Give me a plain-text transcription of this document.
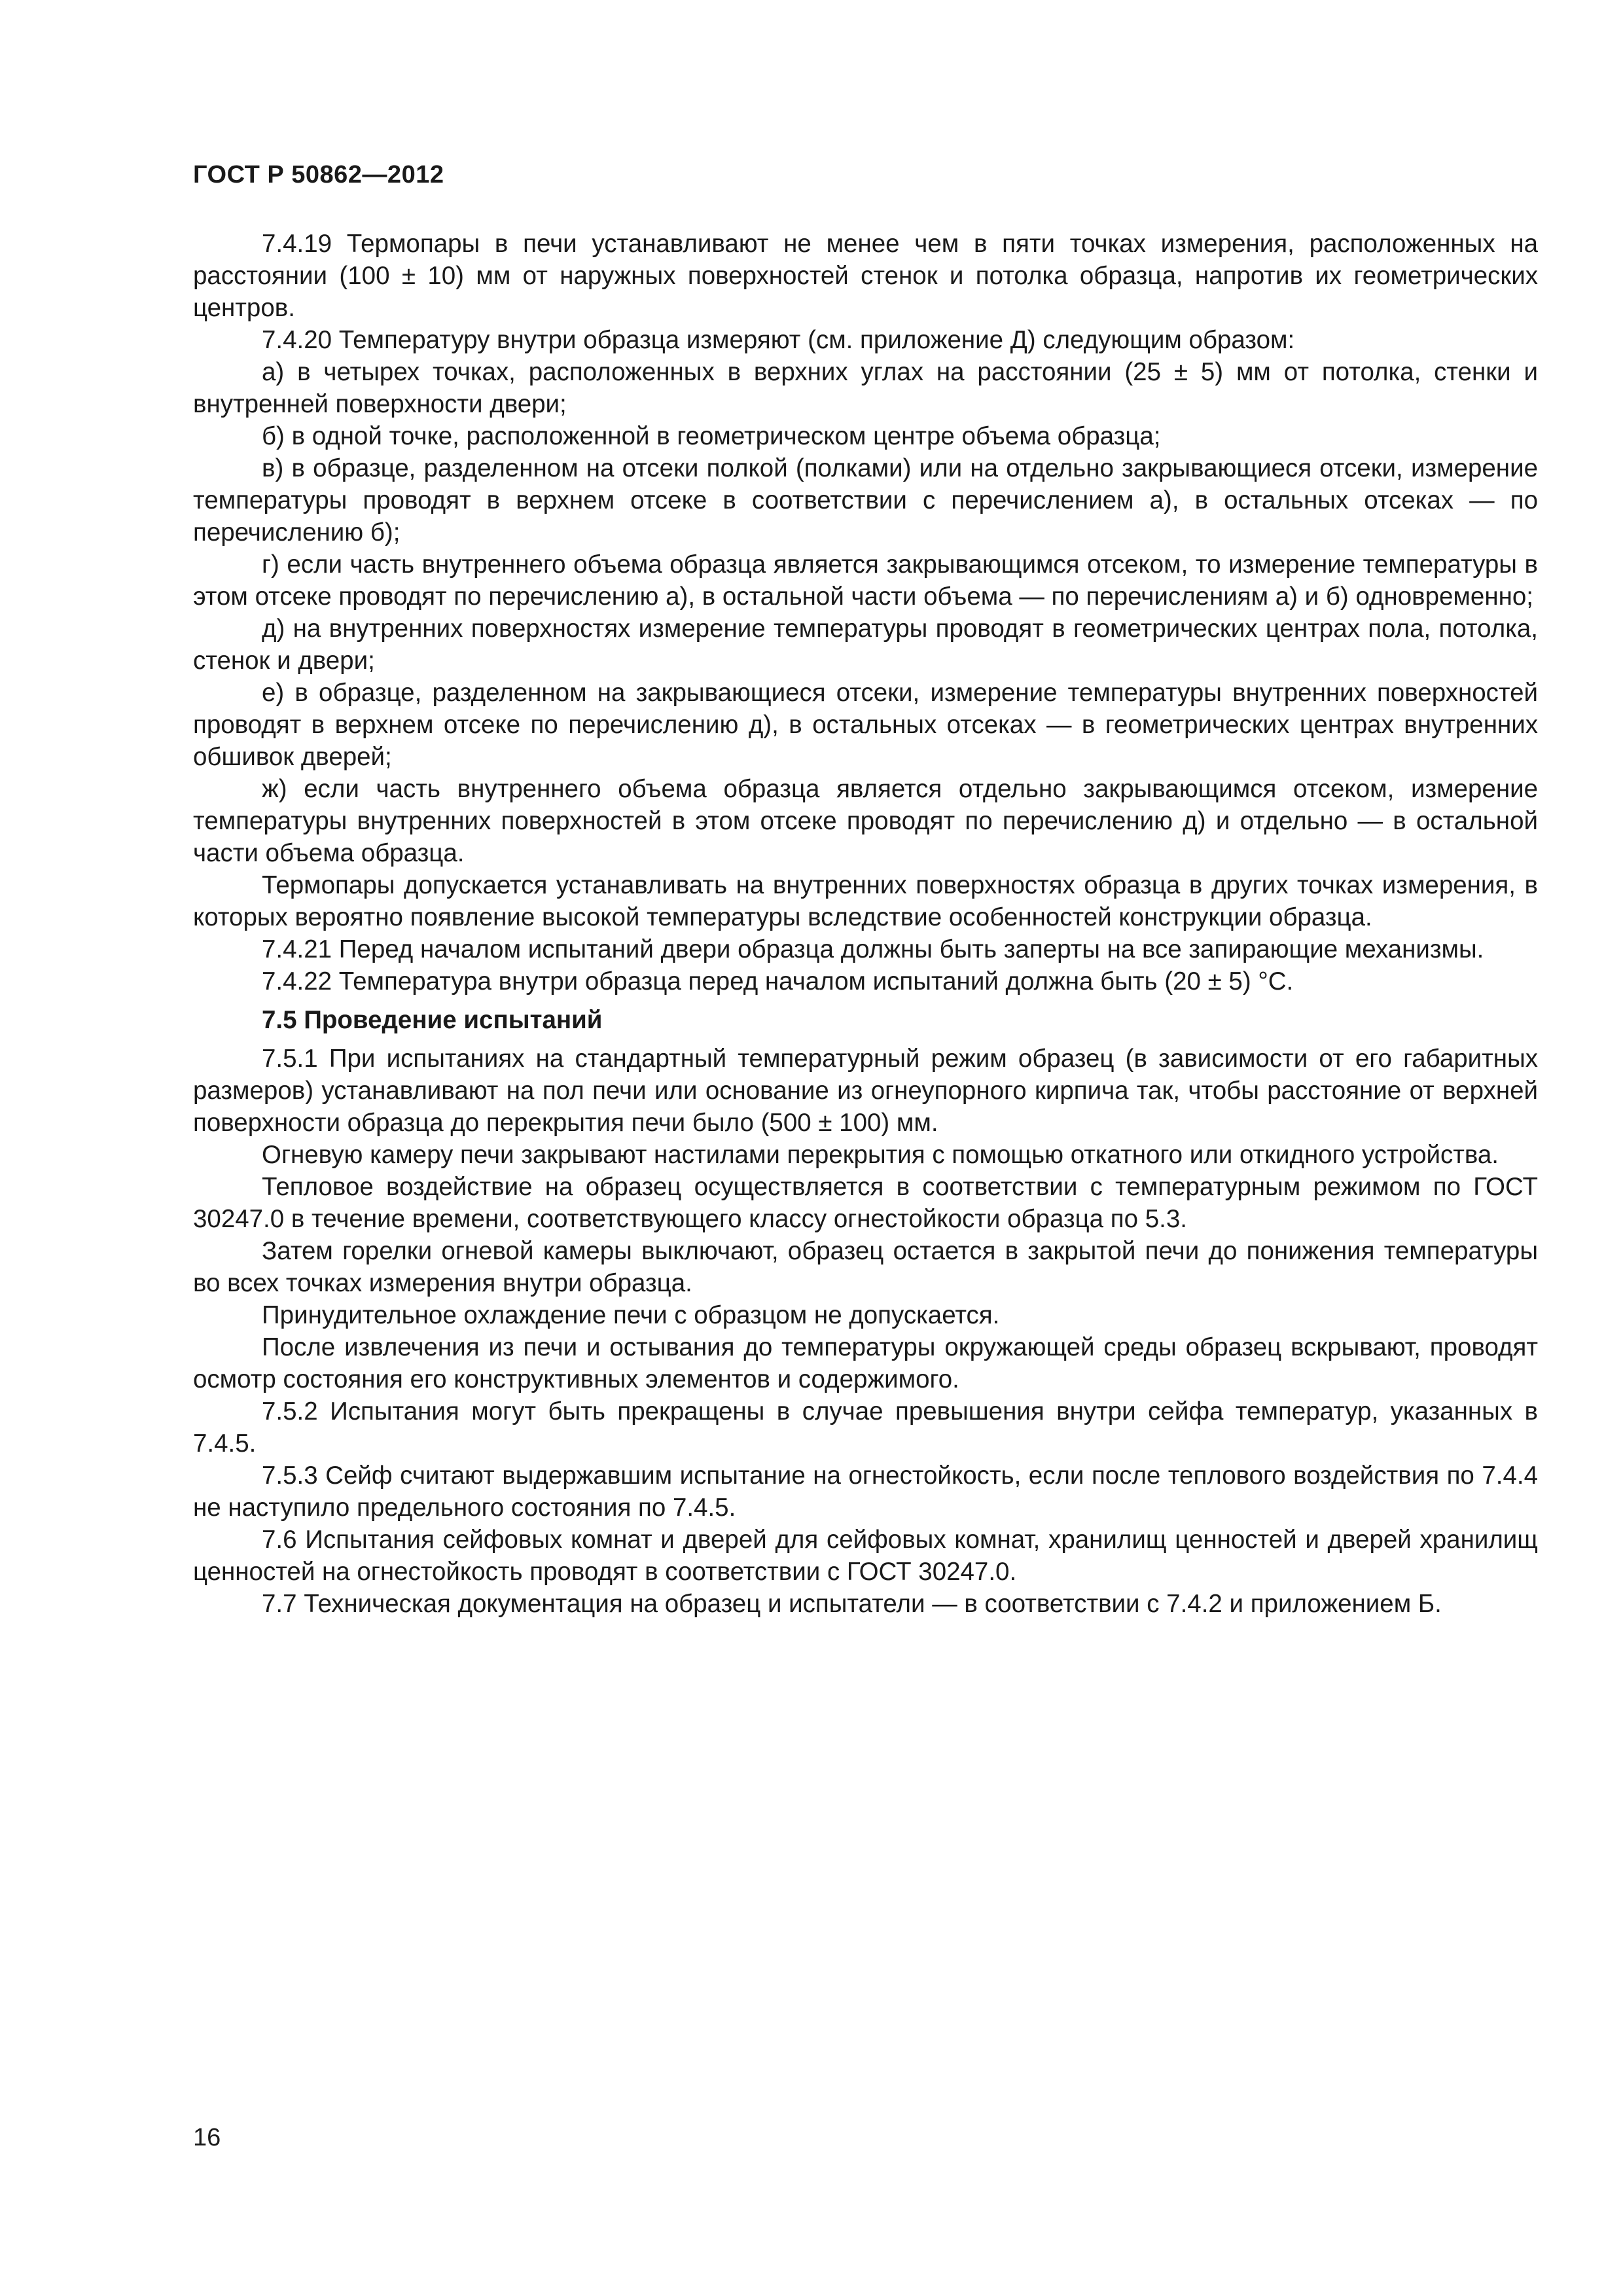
ГОСТ Р 50862—2012

7.4.19 Термопары в печи устанавливают не менее чем в пяти точках измерения, расположенных на расстоянии (100 ± 10) мм от наружных поверхностей стенок и потолка образца, напротив их геометрических центров.

7.4.20 Температуру внутри образца измеряют (см. приложение Д) следующим образом:

а) в четырех точках, расположенных в верхних углах на расстоянии (25 ± 5) мм от потолка, стенки и внутренней поверхности двери;

б) в одной точке, расположенной в геометрическом центре объема образца;

в) в образце, разделенном на отсеки полкой (полками) или на отдельно закрывающиеся отсеки, измерение температуры проводят в верхнем отсеке в соответствии с перечислением а), в остальных отсеках — по перечислению б);

г) если часть внутреннего объема образца является закрывающимся отсеком, то измерение температуры в этом отсеке проводят по перечислению а), в остальной части объема — по перечислениям а) и б) одновременно;

д) на внутренних поверхностях измерение температуры проводят в геометрических центрах пола, потолка, стенок и двери;

е) в образце, разделенном на закрывающиеся отсеки, измерение температуры внутренних поверхностей проводят в верхнем отсеке по перечислению д), в остальных отсеках — в геометрических центрах внутренних обшивок дверей;

ж) если часть внутреннего объема образца является отдельно закрывающимся отсеком, измерение температуры внутренних поверхностей в этом отсеке проводят по перечислению д) и отдельно — в остальной части объема образца.

Термопары допускается устанавливать на внутренних поверхностях образца в других точках измерения, в которых вероятно появление высокой температуры вследствие особенностей конструкции образца.

7.4.21 Перед началом испытаний двери образца должны быть заперты на все запирающие механизмы.

7.4.22 Температура внутри образца перед началом испытаний должна быть (20 ± 5) °С.

7.5 Проведение испытаний

7.5.1 При испытаниях на стандартный температурный режим образец (в зависимости от его габаритных размеров) устанавливают на пол печи или основание из огнеупорного кирпича так, чтобы расстояние от верхней поверхности образца до перекрытия печи было (500 ± 100) мм.

Огневую камеру печи закрывают настилами перекрытия с помощью откатного или откидного устройства.

Тепловое воздействие на образец осуществляется в соответствии с температурным режимом по ГОСТ 30247.0 в течение времени, соответствующего классу огнестойкости образца по 5.3.

Затем горелки огневой камеры выключают, образец остается в закрытой печи до понижения температуры во всех точках измерения внутри образца.

Принудительное охлаждение печи с образцом не допускается.

После извлечения из печи и остывания до температуры окружающей среды образец вскрывают, проводят осмотр состояния его конструктивных элементов и содержимого.

7.5.2 Испытания могут быть прекращены в случае превышения внутри сейфа температур, указанных в 7.4.5.

7.5.3 Сейф считают выдержавшим испытание на огнестойкость, если после теплового воздействия по 7.4.4 не наступило предельного состояния по 7.4.5.

7.6 Испытания сейфовых комнат и дверей для сейфовых комнат, хранилищ ценностей и дверей хранилищ ценностей на огнестойкость проводят в соответствии с ГОСТ 30247.0.

7.7 Техническая документация на образец и испытатели — в соответствии с 7.4.2 и приложением Б.

16
